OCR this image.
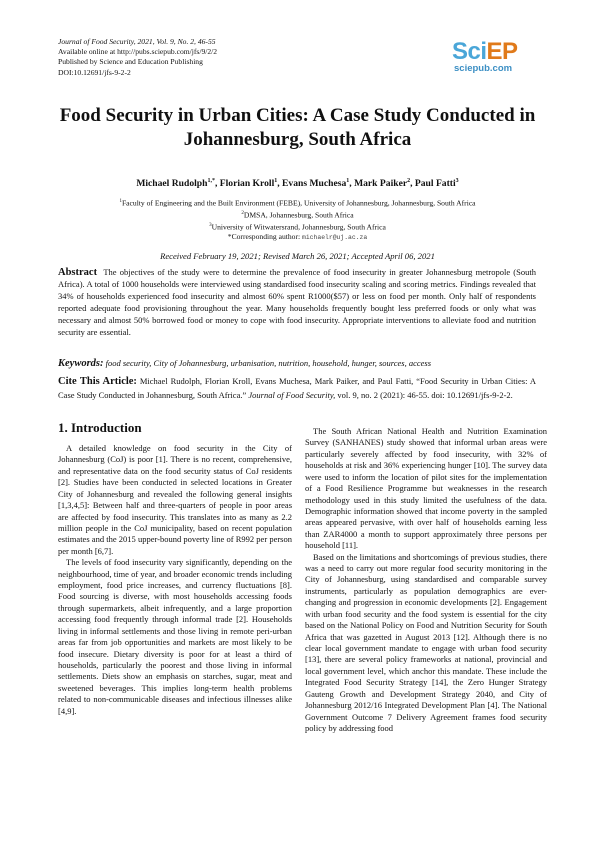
Journal of Food Security, 2021, Vol. 9, No. 2, 46-55
Available online at http://pubs.sciepub.com/jfs/9/2/2
Published by Science and Education Publishing
DOI:10.12691/jfs-9-2-2
SciEP
sciepub.com
Food Security in Urban Cities: A Case Study Conducted in Johannesburg, South Africa
Michael Rudolph$^{1,*}$, Florian Kroll$^1$, Evans Muchesa$^1$, Mark Paiker$^2$, Paul Fatti$^3$
$^1$Faculty of Engineering and the Built Environment (FEBE), University of Johannesburg, Johannesburg, South Africa
$^2$DMSA, Johannesburg, South Africa
$^3$University of Witwatersrand, Johannesburg, South Africa
*Corresponding author: michaelr@uj.ac.za
Received February 19, 2021; Revised March 26, 2021; Accepted April 06, 2021
Abstract The objectives of the study were to determine the prevalence of food insecurity in greater Johannesburg metropole (South Africa). A total of 1000 households were interviewed using standardised food insecurity scaling and scoring metrics. Findings revealed that 34% of households experienced food insecurity and almost 60% spent R1000($57) or less on food per month. Only half of respondents reported adequate food provisioning throughout the year. Many households frequently bought less preferred foods or only what was necessary and almost 50% borrowed food or money to cope with food insecurity. Appropriate interventions to alleviate food and nutrition security are essential.
Keywords: food security, City of Johannesburg, urbanisation, nutrition, household, hunger, sources, access
Cite This Article: Michael Rudolph, Florian Kroll, Evans Muchesa, Mark Paiker, and Paul Fatti, “Food Security in Urban Cities: A Case Study Conducted in Johannesburg, South Africa.” Journal of Food Security, vol. 9, no. 2 (2021): 46-55. doi: 10.12691/jfs-9-2-2.
1. Introduction

A detailed knowledge on food security in the City of Johannesburg (CoJ) is poor [1]. There is no recent, comprehensive, and representative data on the food security status of CoJ residents [2]. Studies have been conducted in selected locations in Greater City of Johannesburg and revealed the following general insights [1,3,4,5]: Between half and three-quarters of people in poor areas are affected by food insecurity. This translates into as many as 2.2 million people in the CoJ municipality, based on recent population estimates and the 2015 upper-bound poverty line of R992 per person per month [6,7].

The levels of food insecurity vary significantly, depending on the neighbourhood, time of year, and broader economic trends including employment, food price increases, and currency fluctuations [8]. Food sourcing is diverse, with most households accessing foods through supermarkets, albeit infrequently, and a large proportion accessing food frequently through informal trade [2]. Households living in informal settlements and those living in remote peri-urban areas far from job opportunities and markets are most likely to be food insecure. Dietary diversity is poor for at least a third of households, particularly the poorest and those living in informal settlements. Diets show an emphasis on starches, sugar, meat and sweetened beverages. This implies long-term health problems related to non-communicable diseases and infectious illnesses alike [4,9].

The South African National Health and Nutrition Examination Survey (SANHANES) study showed that informal urban areas were particularly severely affected by food insecurity, with 32% of households at risk and 36% experiencing hunger [10]. The survey data were used to inform the location of pilot sites for the implementation of a Food Resilience Programme but weaknesses in the research methodology used in this study limited the usefulness of the data. Demographic information showed that income poverty in the sampled areas appeared pervasive, with over half of households earning less than ZAR4000 a month to support approximately three persons per household [11].

Based on the limitations and shortcomings of previous studies, there was a need to carry out more regular food security monitoring in the City of Johannesburg, using standardised and comparable survey instruments, particularly as population demographics are ever-changing and progression in economic developments [2]. Engagement with urban food security and the food system is essential for the city based on the National Policy on Food and Nutrition Security for South Africa that was gazetted in August 2013 [12]. Although there is no clear local government mandate to engage with urban food security [13], there are several policy frameworks at national, provincial and local government level, which anchor this mandate. These include the Integrated Food Security Strategy [14], the Zero Hunger Strategy Gauteng Growth and Development Strategy 2040, and City of Johannesburg 2012/16 Integrated Development Plan [4]. The National Government Outcome 7 Delivery Agreement frames food security policy by addressing food
